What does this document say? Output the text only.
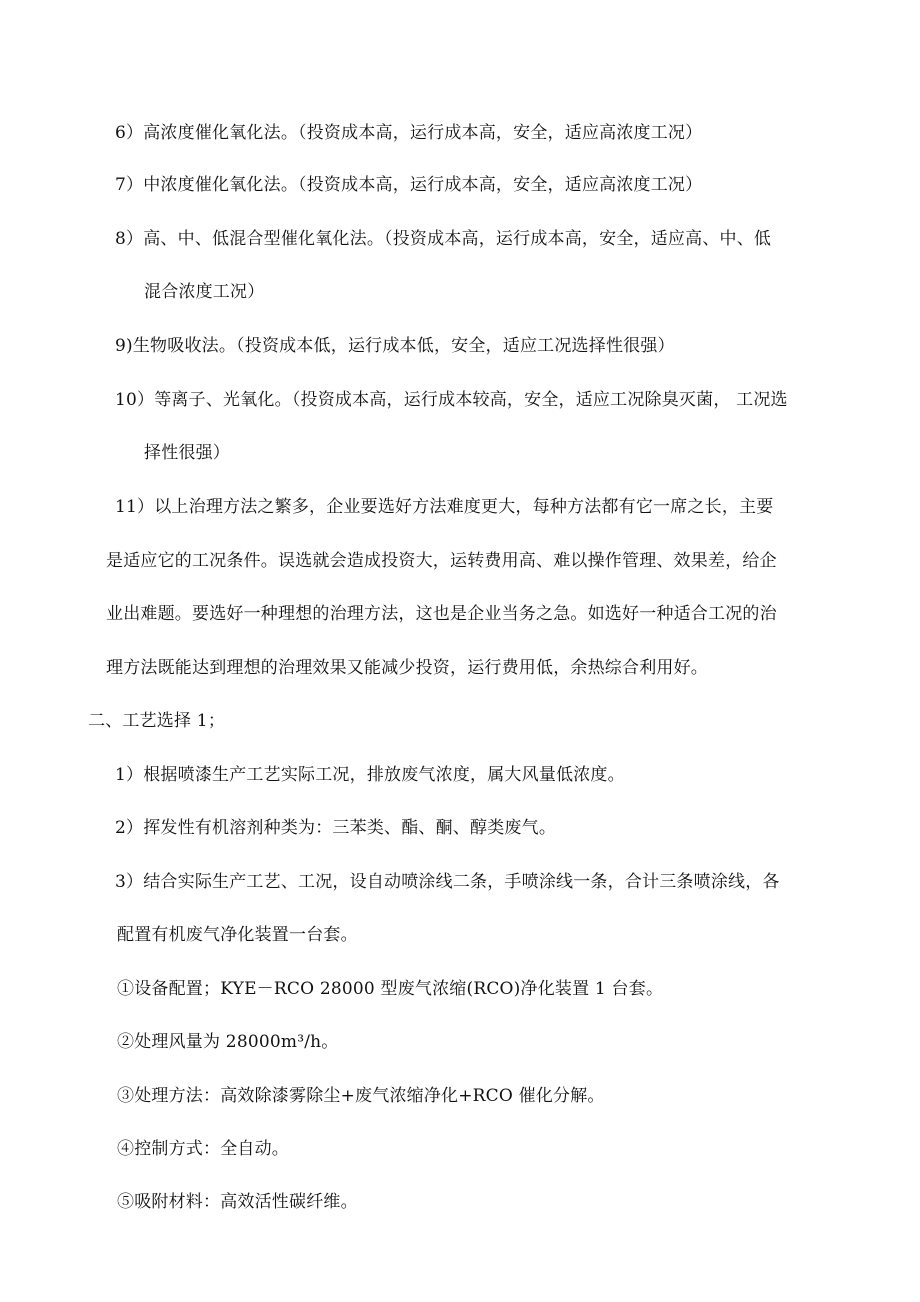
6）高浓度催化氧化法。（投资成本高，运行成本高，安全，适应高浓度工况）

7）中浓度催化氧化法。（投资成本高，运行成本高，安全，适应高浓度工况）

8）高、中、低混合型催化氧化法。（投资成本高，运行成本高，安全，适应高、中、低

混合浓度工况）

9)生物吸收法。（投资成本低，运行成本低，安全，适应工况选择性很强）

10）等离子、光氧化。（投资成本高，运行成本较高，安全，适应工况除臭灭菌， 工况选

择性很强）

11）以上治理方法之繁多，企业要选好方法难度更大，每种方法都有它一席之长，主要

是适应它的工况条件。误选就会造成投资大，运转费用高、难以操作管理、效果差，给企

业出难题。要选好一种理想的治理方法，这也是企业当务之急。如选好一种适合工况的治

理方法既能达到理想的治理效果又能减少投资，运行费用低，余热综合利用好。

二、工艺选择 1；

1）根据喷漆生产工艺实际工况，排放废气浓度，属大风量低浓度。

2）挥发性有机溶剂种类为：三苯类、酯、酮、醇类废气。

3）结合实际生产工艺、工况，设自动喷涂线二条，手喷涂线一条，合计三条喷涂线，各

配置有机废气净化装置一台套。

①设备配置；KYE－RCO 28000 型废气浓缩(RCO)净化装置 1 台套。

②处理风量为 28000m³/h。

③处理方法：高效除漆雾除尘+废气浓缩净化+RCO 催化分解。

④控制方式：全自动。

⑤吸附材料：高效活性碳纤维。
